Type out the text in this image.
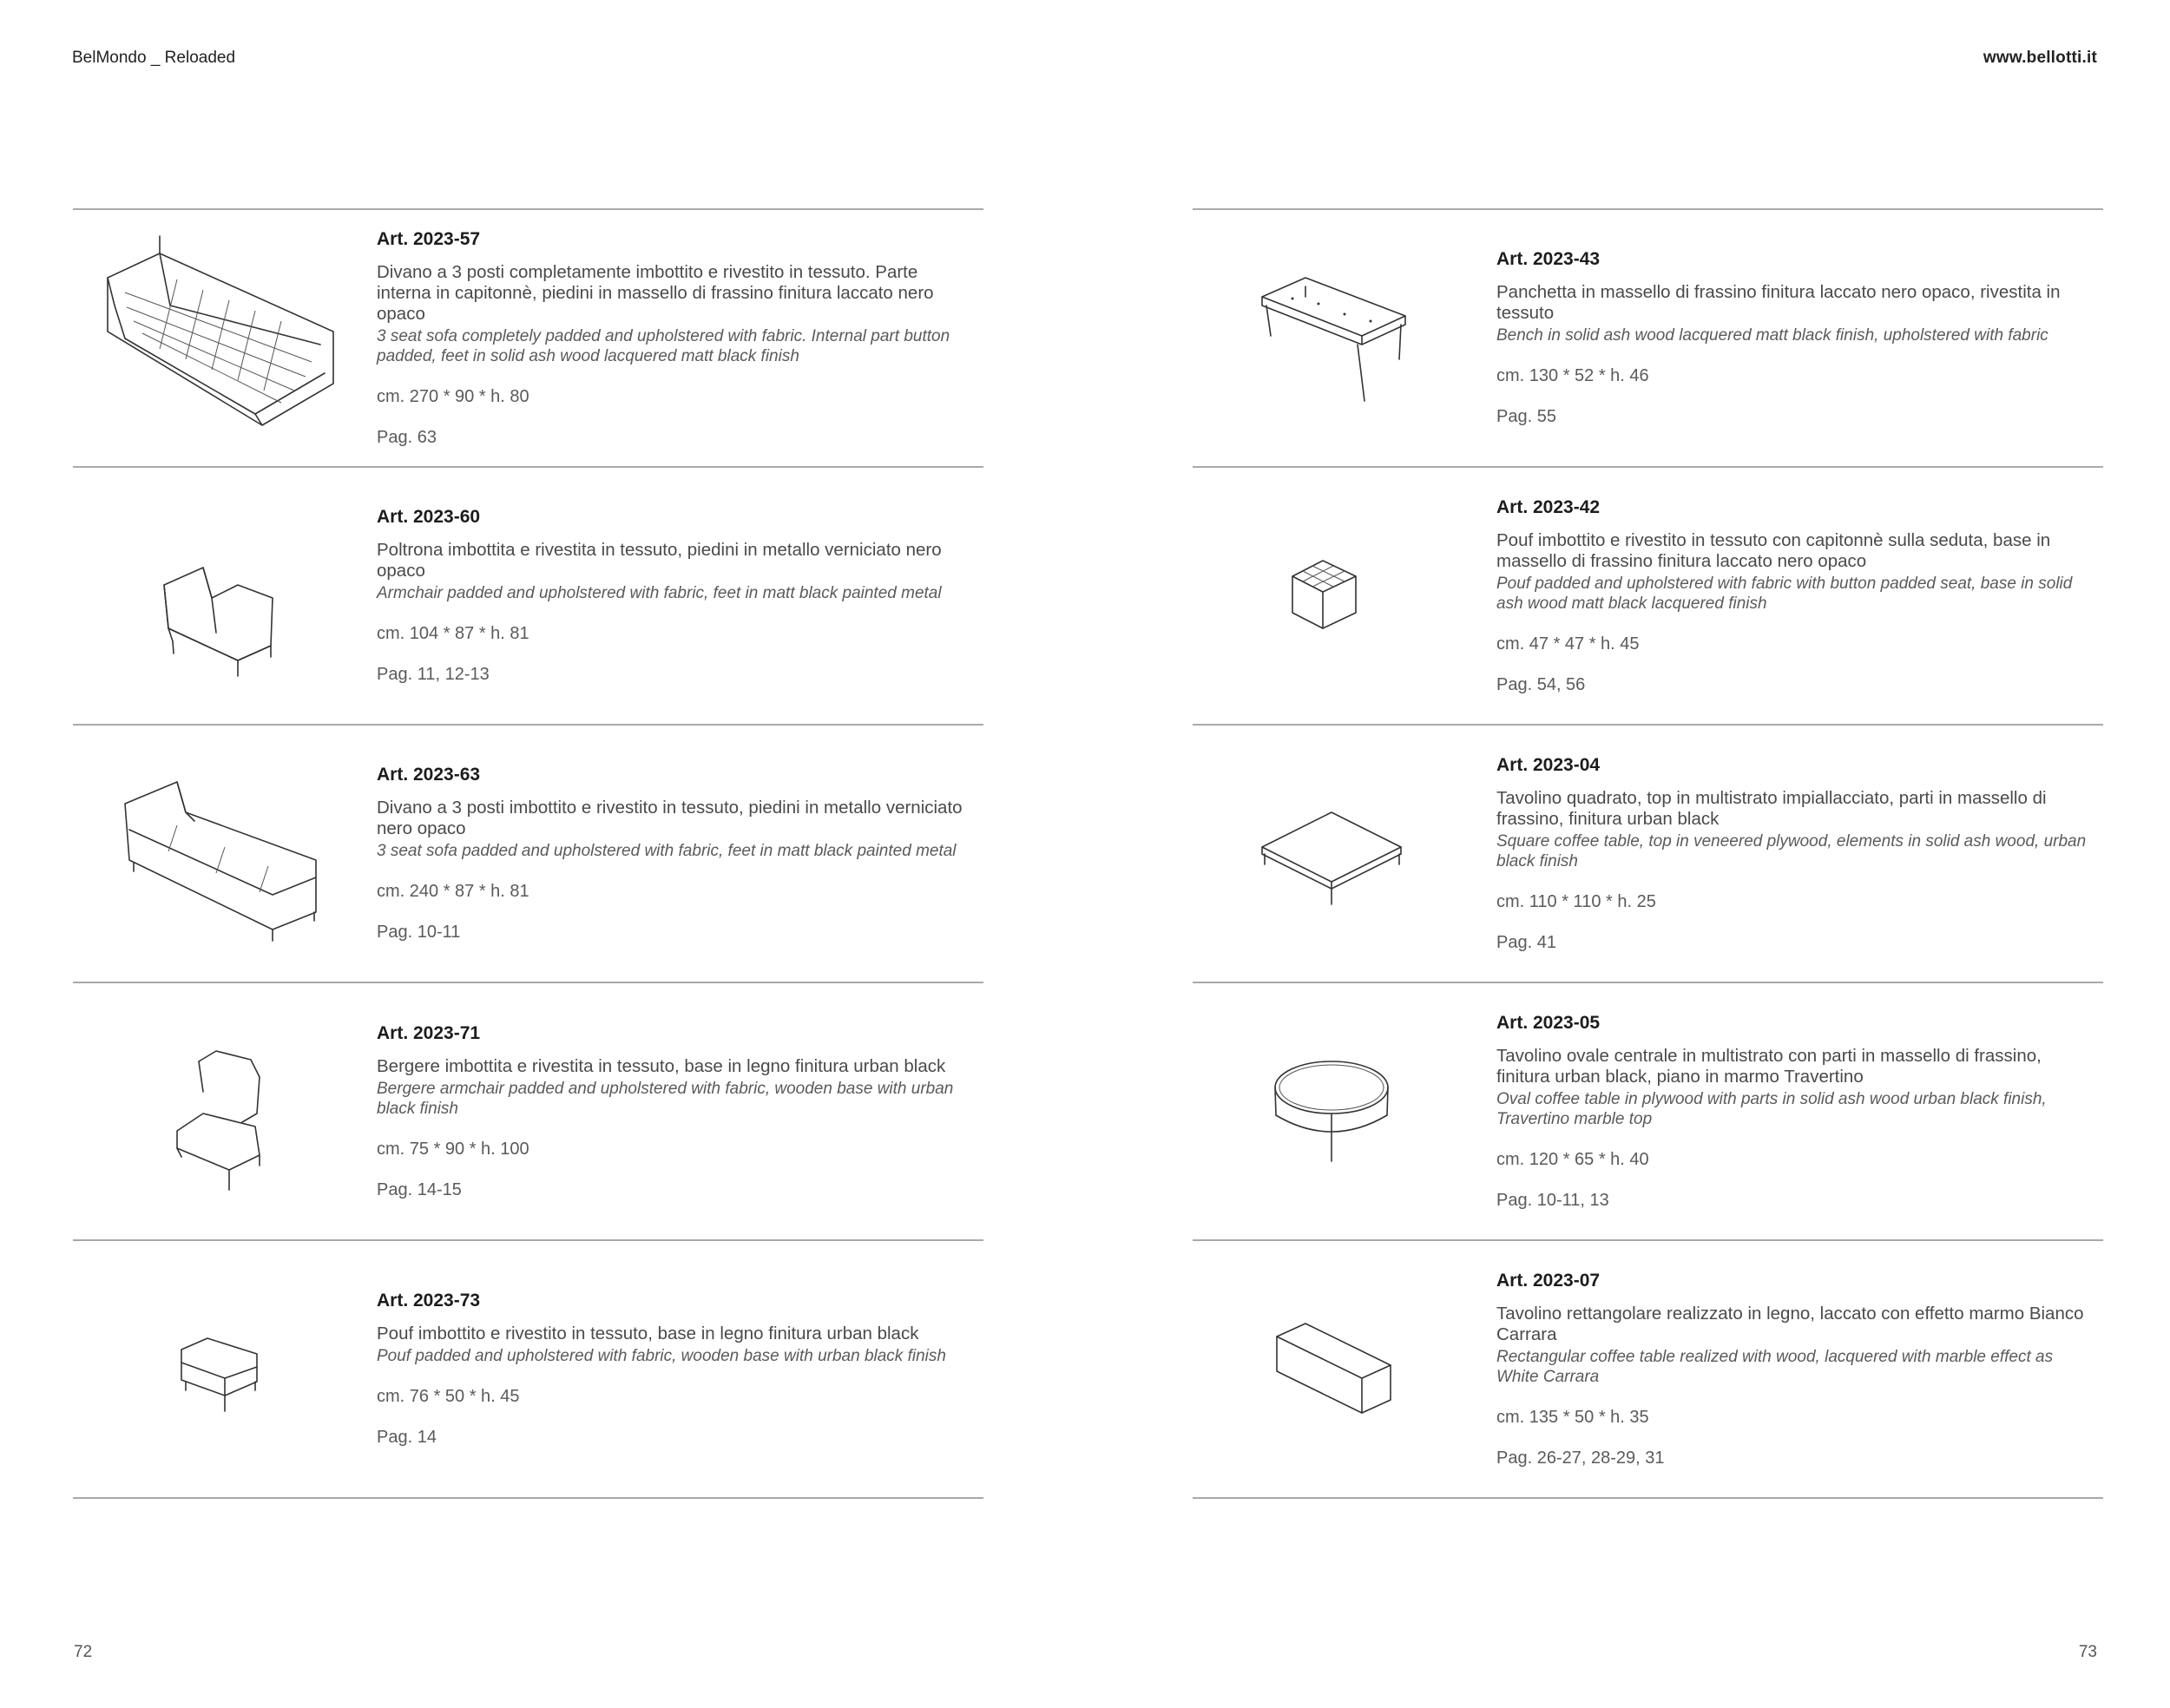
BelMondo _ Reloaded	www.bellotti.it
Art. 2023-57
Divano a 3 posti completamente imbottito e rivestito in tessuto. Parte interna in capitonnè, piedini in massello di frassino finitura laccato nero opaco
3 seat sofa completely padded and upholstered with fabric. Internal part button padded, feet in solid ash wood lacquered matt black finish
cm. 270 * 90 * h. 80
Pag. 63
Art. 2023-60
Poltrona imbottita e rivestita in tessuto, piedini in metallo verniciato nero opaco
Armchair padded and upholstered with fabric, feet in matt black painted metal
cm. 104 * 87 * h. 81
Pag. 11, 12-13
Art. 2023-63
Divano a 3 posti imbottito e rivestito in tessuto, piedini in metallo verniciato nero opaco
3 seat sofa padded and upholstered with fabric, feet in matt black painted metal
cm. 240 * 87 * h. 81
Pag. 10-11
Art. 2023-71
Bergere imbottita e rivestita in tessuto, base in legno finitura urban black
Bergere armchair padded and upholstered with fabric, wooden base with urban black finish
cm. 75 * 90 * h. 100
Pag. 14-15
Art. 2023-73
Pouf imbottito e rivestito in tessuto, base in legno finitura urban black
Pouf padded and upholstered with fabric, wooden base with urban black finish
cm. 76 * 50 * h. 45
Pag. 14
Art. 2023-43
Panchetta in massello di frassino finitura laccato nero opaco, rivestita in tessuto
Bench in solid ash wood lacquered matt black finish, upholstered with fabric
cm. 130 * 52 * h. 46
Pag. 55
Art. 2023-42
Pouf imbottito e rivestito in tessuto con capitonnè sulla seduta, base in massello di frassino finitura laccato nero opaco
Pouf padded and upholstered with fabric with button padded seat, base in solid ash wood matt black lacquered finish
cm. 47 * 47 * h. 45
Pag. 54, 56
Art. 2023-04
Tavolino quadrato, top in multistrato impiallacciato, parti in massello di frassino, finitura urban black
Square coffee table, top in veneered plywood, elements in solid ash wood, urban black finish
cm. 110 * 110 * h. 25
Pag. 41
Art. 2023-05
Tavolino ovale centrale in multistrato con parti in massello di frassino, finitura urban black, piano in marmo Travertino
Oval coffee table in plywood with parts in solid ash wood urban black finish, Travertino marble top
cm. 120 * 65 * h. 40
Pag. 10-11, 13
Art. 2023-07
Tavolino rettangolare realizzato in legno, laccato con effetto marmo Bianco Carrara
Rectangular coffee table realized with wood, lacquered with marble effect as White Carrara
cm. 135 * 50 * h. 35
Pag. 26-27, 28-29, 31
72	73
